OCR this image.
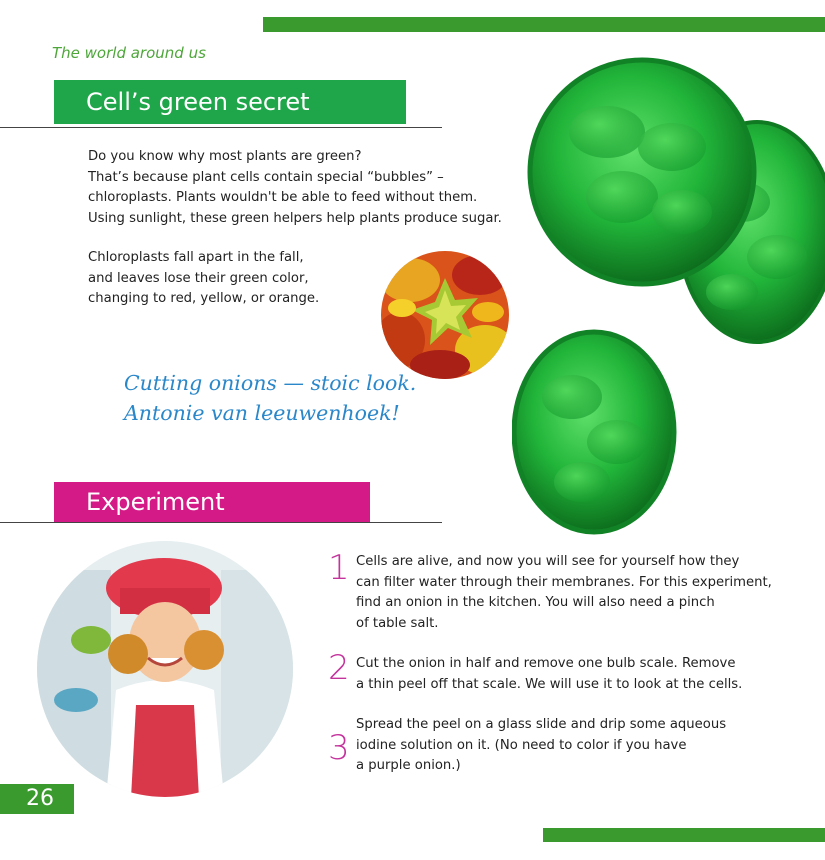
The world around us
Cell’s green secret

Do you know why most plants are green?

That’s because plant cells contain special “bubbles” –

chloroplasts. Plants wouldn't be able to feed without them.

Using sunlight, these green helpers help plants produce sugar.

Chloroplasts fall apart in the fall,

and leaves lose their green color,

changing to red, yellow, or orange.

Cutting onions — stoic look.
Antonie van leeuwenhoek!
Experiment
1 Cells are alive, and now you will see for yourself how they
can filter water through their membranes. For this experiment,
find an onion in the kitchen. You will also need a pinch
of table salt.
2 Cut the onion in half and remove one bulb scale. Remove
a thin peel off that scale. We will use it to look at the cells.
3
Spread the peel on a glass slide and drip some aqueous
iodine solution on it. (No need to color if you have
a purple onion.)
26
